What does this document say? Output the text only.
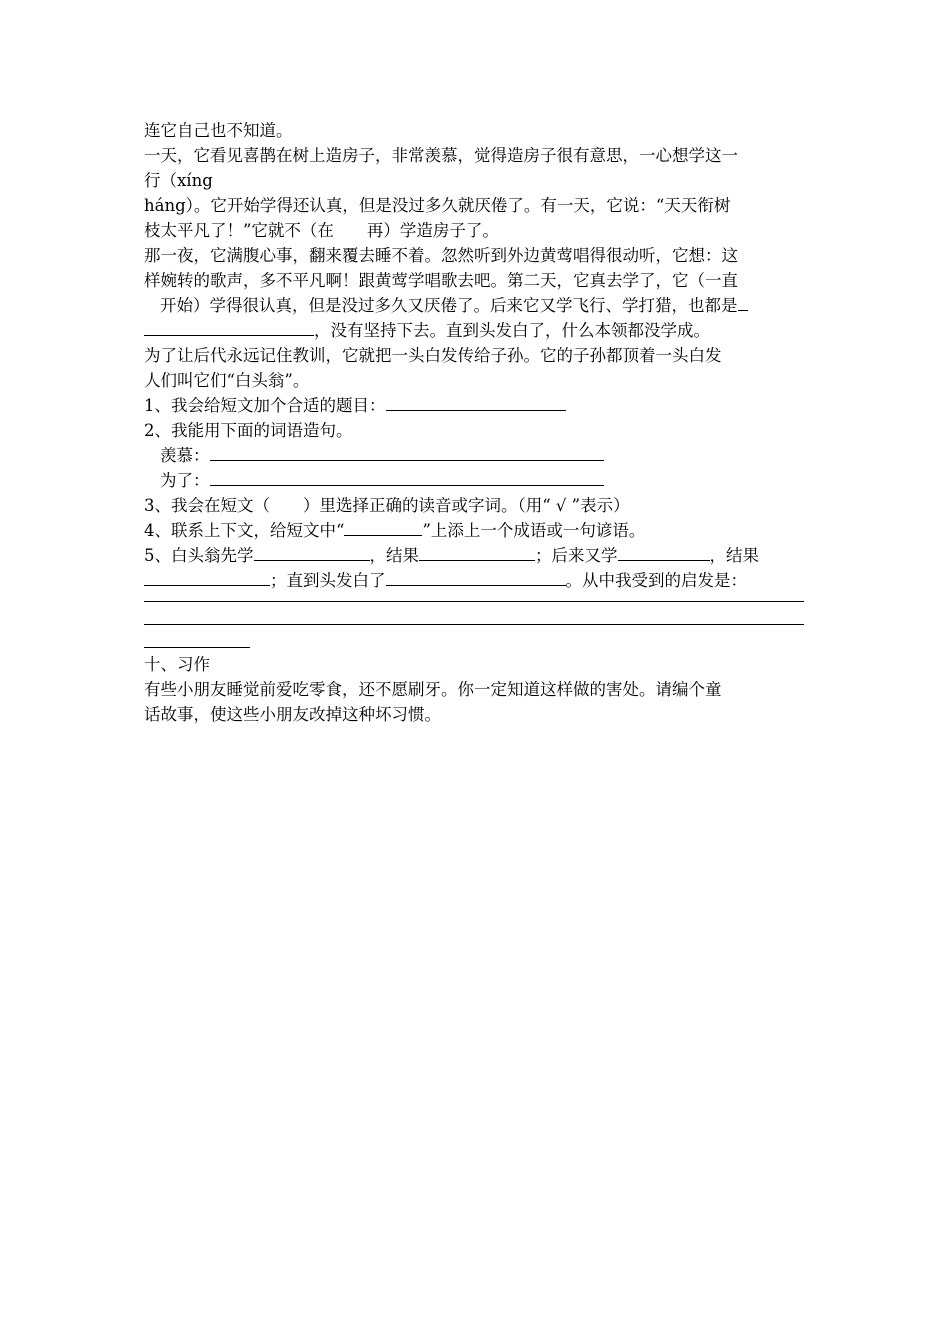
连它自己也不知道。
一天，它看见喜鹊在树上造房子，非常羡慕，觉得造房子很有意思，一心想学这一
行（xíng
háng）。它开始学得还认真，但是没过多久就厌倦了。有一天，它说：“天天衔树
枝太平凡了！”它就不（在　　再）学造房子了。
那一夜，它满腹心事，翻来覆去睡不着。忽然听到外边黄莺唱得很动听，它想：这
样婉转的歌声，多不平凡啊！跟黄莺学唱歌去吧。第二天，它真去学了，它（一直
开始）学得很认真，但是没过多久又厌倦了。后来它又学飞行、学打猎，也都是
，没有坚持下去。直到头发白了，什么本领都没学成。
为了让后代永远记住教训，它就把一头白发传给子孙。它的子孙都顶着一头白发
人们叫它们“白头翁”。
1、我会给短文加个合适的题目：
2、我能用下面的词语造句。
羡慕：
为了：
3、我会在短文（　　）里选择正确的读音或字词。（用“ √ ”表示）
4、联系上下文，给短文中“	”上添上一个成语或一句谚语。
5、白头翁先学	，结果	；后来又学	，结果
；直到头发白了	。从中我受到的启发是：
十、习作
有些小朋友睡觉前爱吃零食，还不愿刷牙。你一定知道这样做的害处。请编个童
话故事，使这些小朋友改掉这种坏习惯。
